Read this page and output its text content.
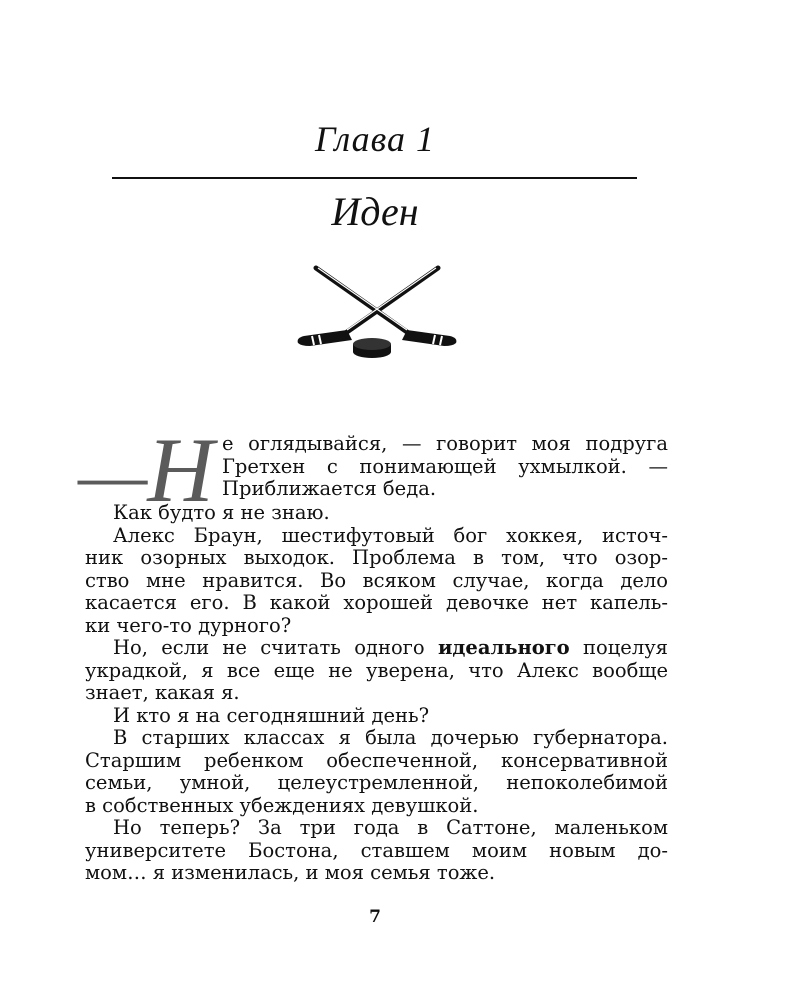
Глава 1
Иден
—Н е оглядывайся, — говорит моя подруга
Гретхен с понимающей ухмылкой. —
Приближается беда.
Как будто я не знаю.
Алекс Браун, шестифутовый бог хоккея, источ-
ник озорных выходок. Проблема в том, что озор-
ство мне нравится. Во всяком случае, когда дело
касается его. В какой хорошей девочке нет капель-
ки чего-то дурного?
Но, если не считать одного идеального поцелуя
украдкой, я все еще не уверена, что Алекс вообще
знает, какая я.
И кто я на сегодняшний день?
В старших классах я была дочерью губернатора.
Старшим ребенком обеспеченной, консервативной
семьи, умной, целеустремленной, непоколебимой
в собственных убеждениях девушкой.
Но теперь? За три года в Саттоне, маленьком
университете Бостона, ставшем моим новым до-
мом… я изменилась, и моя семья тоже.
7
